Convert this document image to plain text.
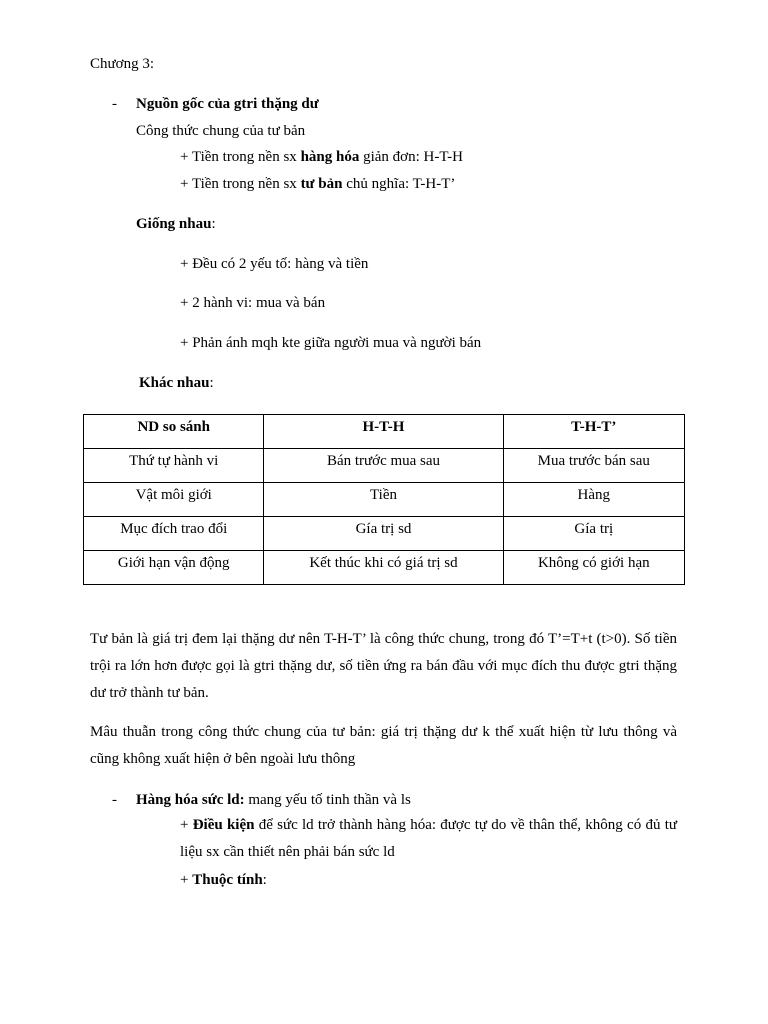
Chương 3:
- Nguồn gốc của gtri thặng dư
Công thức chung của tư bản
+ Tiền trong nền sx hàng hóa giản đơn: H-T-H
+ Tiền trong nền sx tư bản chủ nghĩa: T-H-T’
Giống nhau:
+ Đều có 2 yếu tố: hàng và tiền
+ 2 hành vi: mua và bán
+ Phản ánh mqh kte giữa người mua và người bán
Khác nhau:
ND so sánh	H-T-H	T-H-T’
Thứ tự hành vi	Bán trước mua sau	Mua trước bán sau
Vật môi giới	Tiền	Hàng
Mục đích trao đổi	Gía trị sd	Gía trị
Giới hạn vận động	Kết thúc khi có giá trị sd	Không có giới hạn
Tư bản là giá trị đem lại thặng dư nên T-H-T’ là công thức chung, trong đó T’=T+t (t>0). Số tiền trội ra lớn hơn được gọi là gtri thặng dư, số tiền ứng ra bán đầu với mục đích thu được gtri thặng dư trở thành tư bản.
Mâu thuẫn trong công thức chung của tư bản: giá trị thặng dư k thể xuất hiện từ lưu thông và cũng không xuất hiện ở bên ngoài lưu thông
- Hàng hóa sức ld: mang yếu tố tinh thần và ls
+ Điều kiện để sức ld trở thành hàng hóa: được tự do về thân thể, không có đủ tư liệu sx cần thiết nên phải bán sức ld
+ Thuộc tính:
